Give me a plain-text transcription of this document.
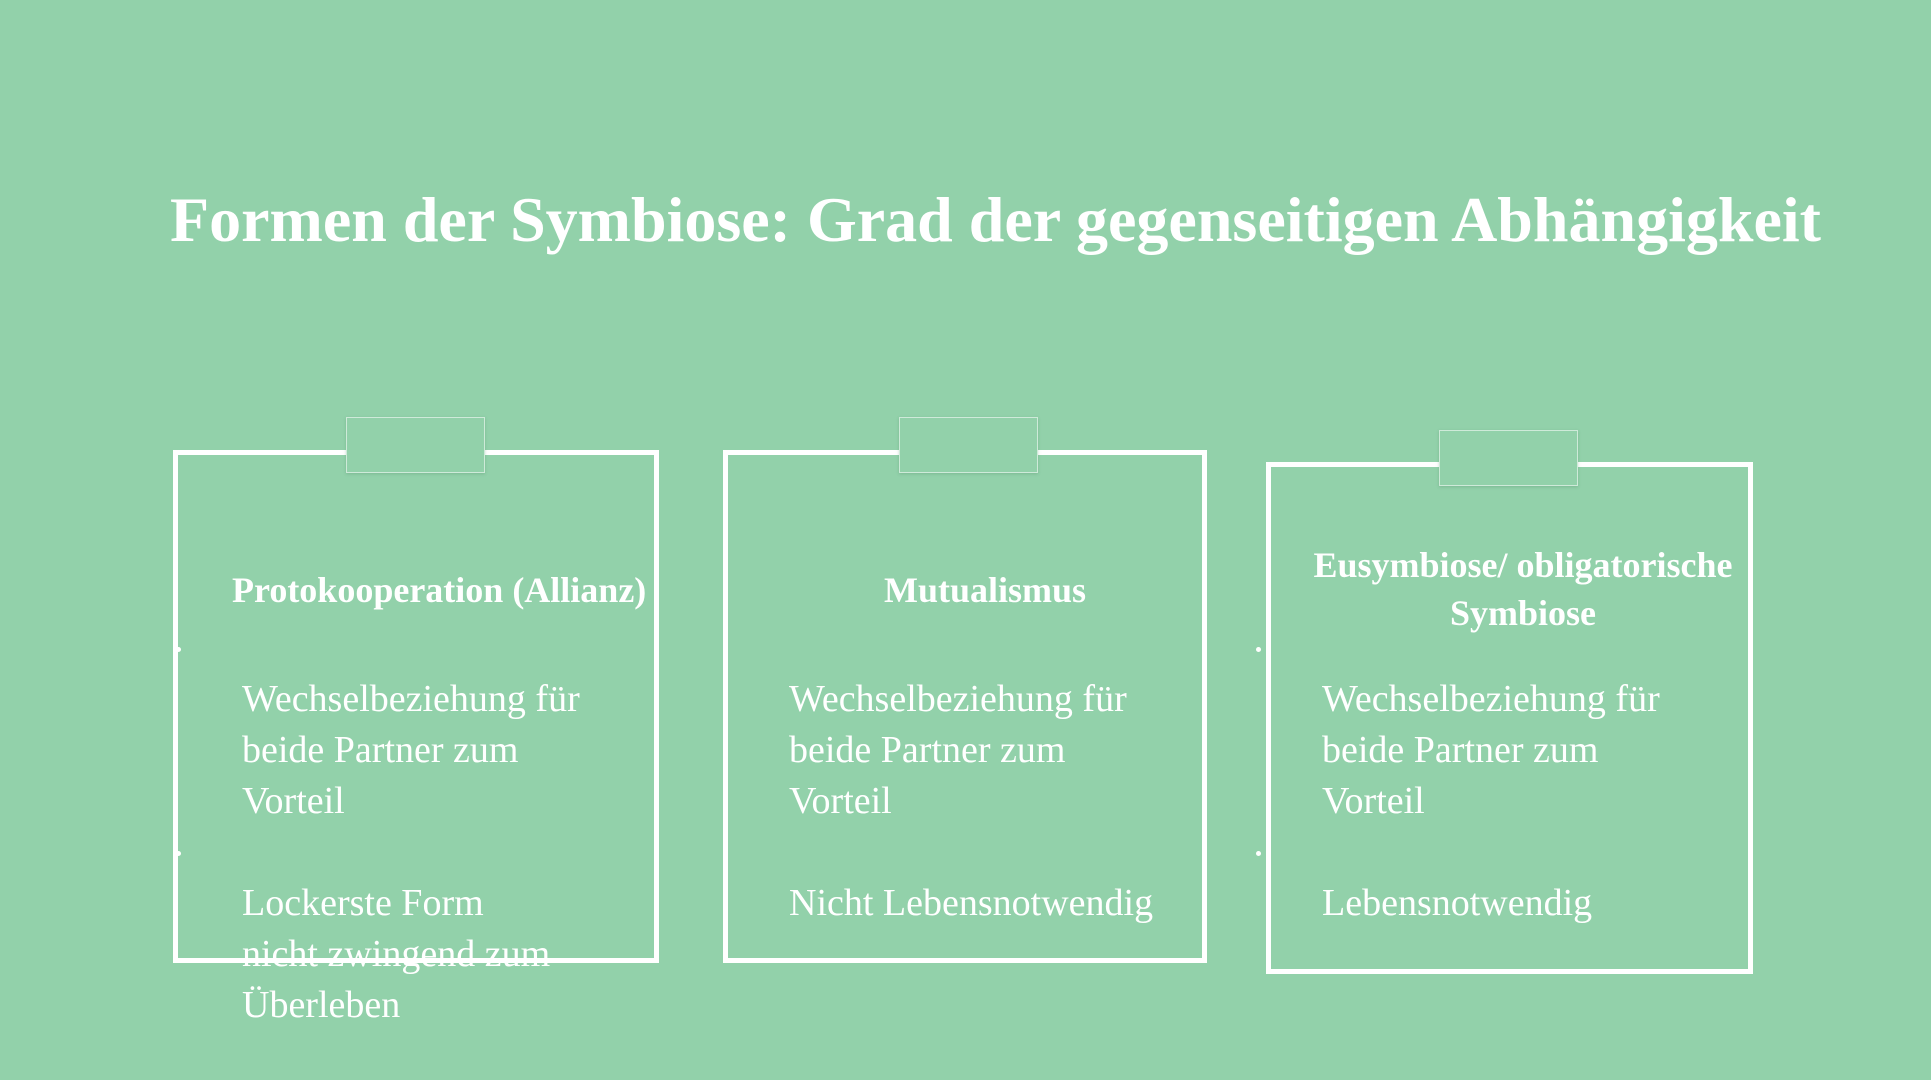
Formen der Symbiose: Grad der gegenseitigen Abhängigkeit
Protokooperation (Allianz)

Wechselbeziehung für
beide Partner zum
Vorteil

Lockerste Form
nicht zwingend zum
Überleben

Mutualismus

Wechselbeziehung für
beide Partner zum
Vorteil

Nicht Lebensnotwendig

Eusymbiose/ obligatorische
Symbiose

Wechselbeziehung für
beide Partner zum
Vorteil

Lebensnotwendig
